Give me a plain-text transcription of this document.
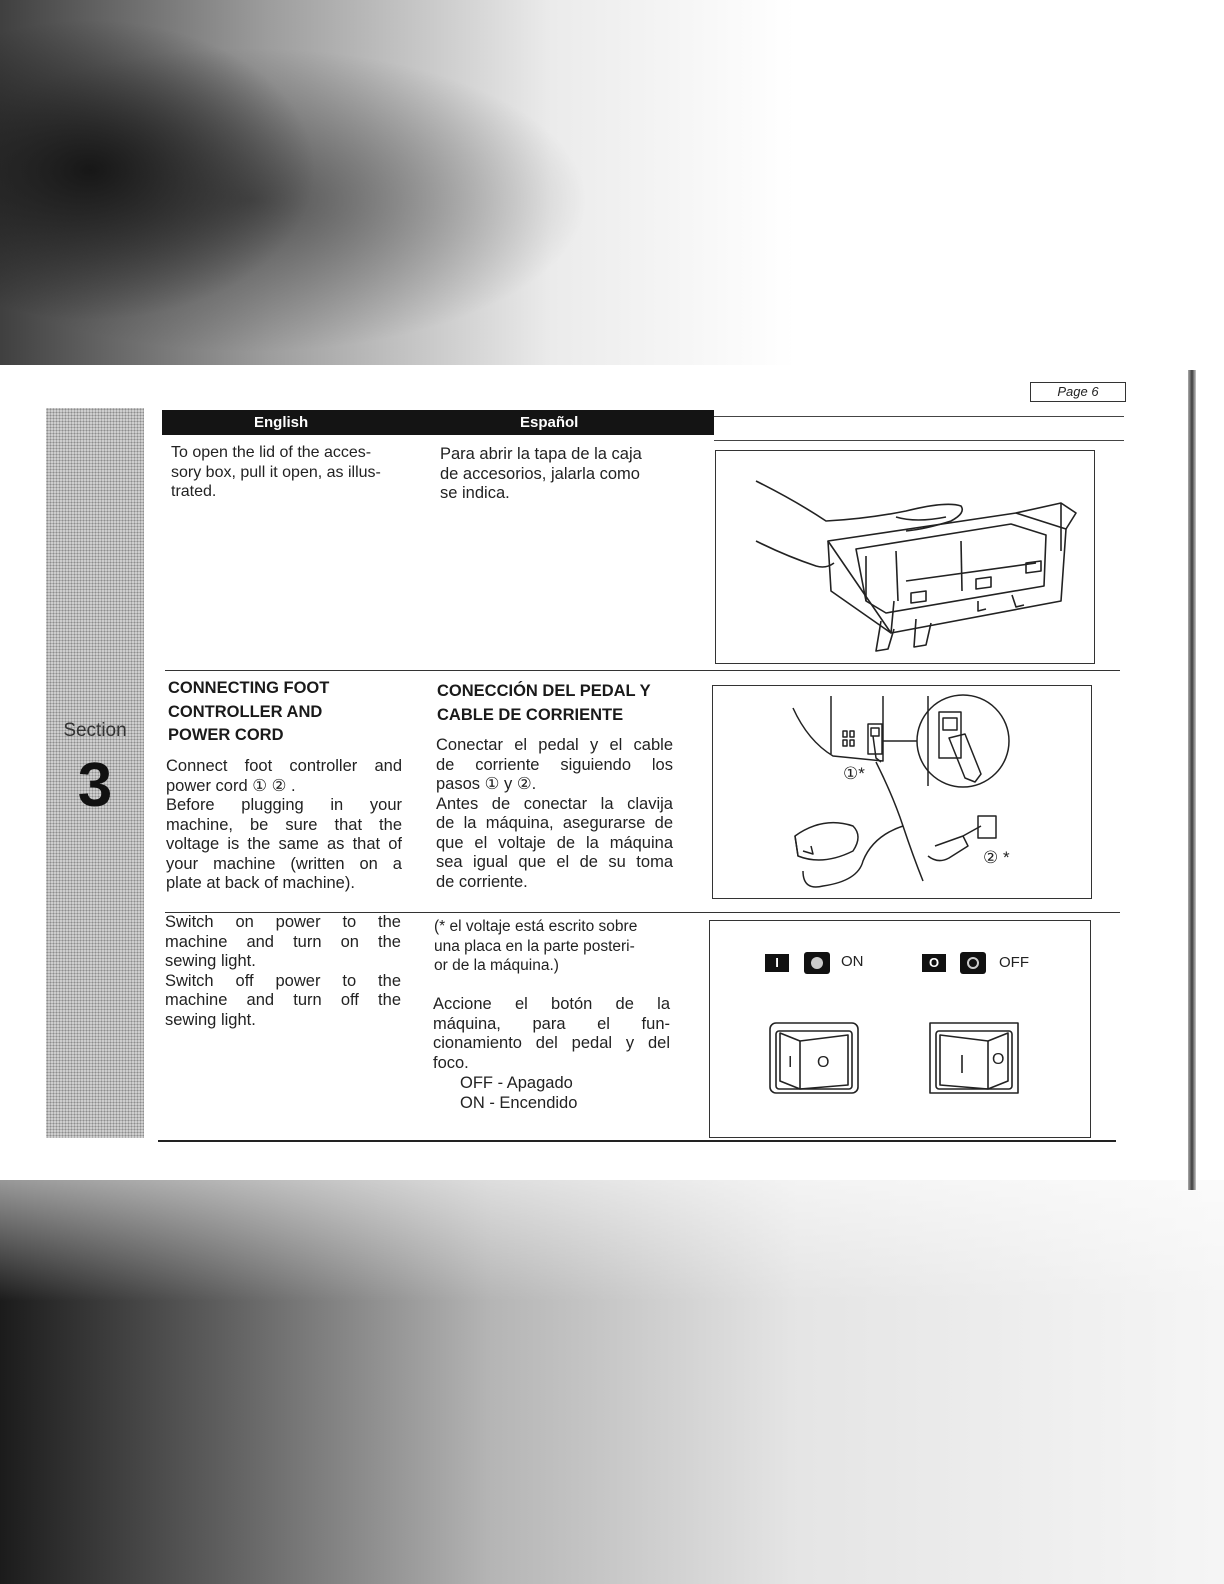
Section
3
Page 6
English	Español

To open the lid of the acces-

sory box, pull it open, as illus-

trated.

Para abrir la tapa de la caja

de accesorios, jalarla como

se indica.

CONNECTING FOOT
CONTROLLER AND
POWER CORD

Connect foot controller and

power cord ① ② .

Before plugging in your

machine, be sure that the

voltage is the same as that of

your machine (written on a

plate at back of machine).

CONECCIÓN DEL PEDAL Y
CABLE DE CORRIENTE

Conectar el pedal y el cable

de corriente siguiendo los

pasos ① y ②.

Antes de conectar la clavija

de la máquina, asegurarse de

que el voltaje de la máquina

sea igual que el de su toma

de corriente.

①*
② *

Switch on power to the

machine and turn on the

sewing light.

Switch off power to the

machine and turn off the

sewing light.

(* el voltaje está escrito sobre

una placa en la parte posteri-

or de la máquina.)

Accione el botón de la

máquina, para el fun-

cionamiento del pedal y del

foco.

OFF - Apagado

ON - Encendido

I	ON	O	OFF
I O	O
